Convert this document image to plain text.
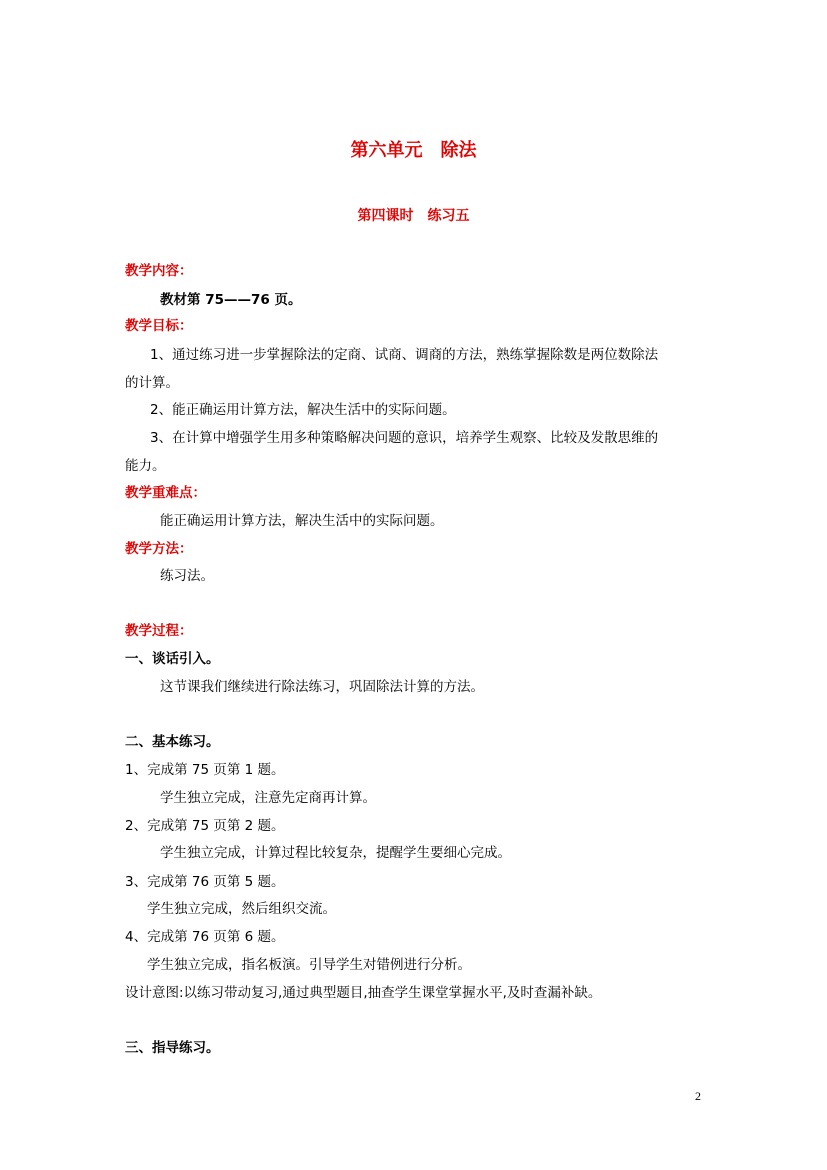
第六单元　除法
第四课时　练习五
教学内容：
教材第 75——76 页。
教学目标：
1、通过练习进一步掌握除法的定商、试商、调商的方法，熟练掌握除数是两位数除法
的计算。
2、能正确运用计算方法，解决生活中的实际问题。
3、在计算中增强学生用多种策略解决问题的意识，培养学生观察、比较及发散思维的
能力。
教学重难点：
能正确运用计算方法，解决生活中的实际问题。
教学方法：
练习法。
教学过程：
一、谈话引入。
这节课我们继续进行除法练习，巩固除法计算的方法。
二、基本练习。
1、完成第 75 页第 1 题。
学生独立完成，注意先定商再计算。
2、完成第 75 页第 2 题。
学生独立完成，计算过程比较复杂，提醒学生要细心完成。
3、完成第 76 页第 5 题。
学生独立完成，然后组织交流。
4、完成第 76 页第 6 题。
学生独立完成，指名板演。引导学生对错例进行分析。
设计意图:以练习带动复习,通过典型题目,抽查学生课堂掌握水平,及时查漏补缺。
三、指导练习。
2
